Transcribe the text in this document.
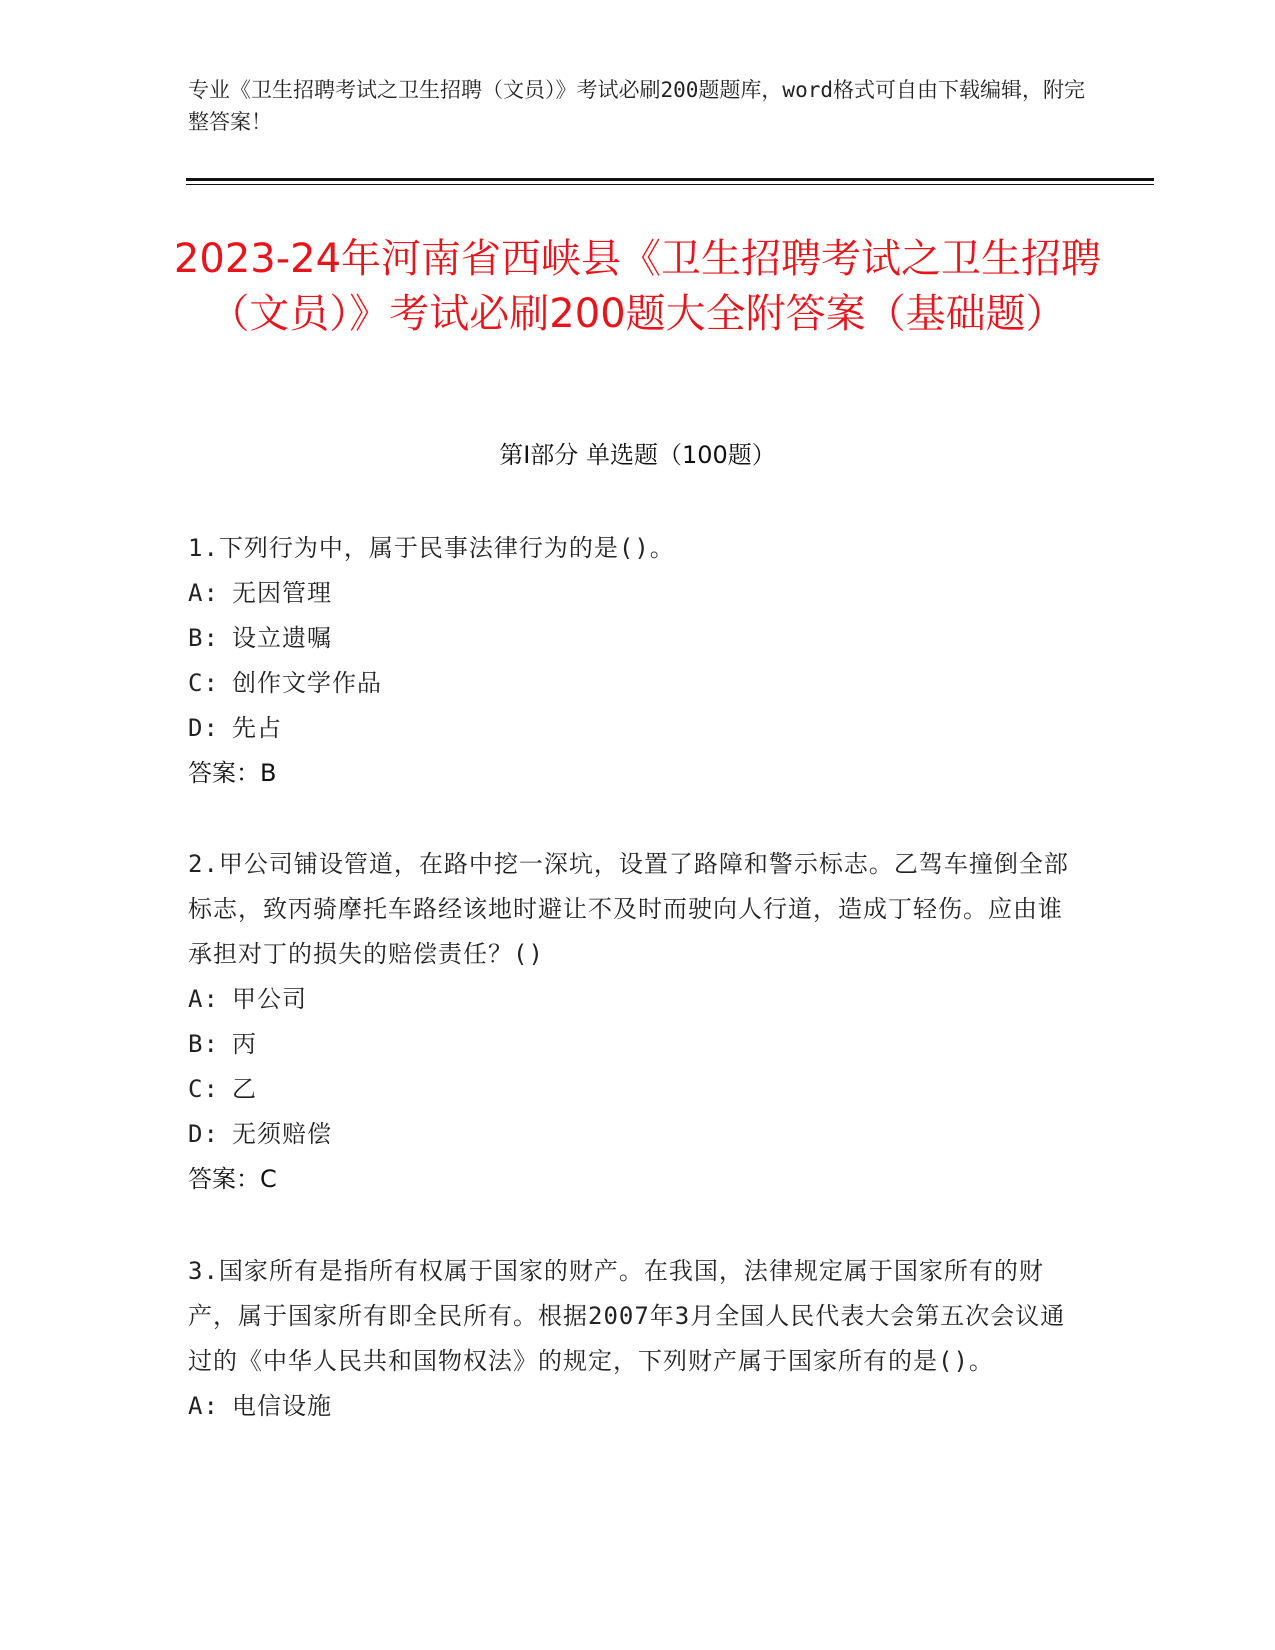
专业《卫生招聘考试之卫生招聘（文员）》考试必刷200题题库，word格式可自由下载编辑，附完整答案！
2023-24年河南省西峡县《卫生招聘考试之卫生招聘（文员）》考试必刷200题大全附答案（基础题）
第Ⅰ部分 单选题（100题）
1.下列行为中，属于民事法律行为的是()。
A: 无因管理
B: 设立遗嘱
C: 创作文学作品
D: 先占
答案：B
2.甲公司铺设管道，在路中挖一深坑，设置了路障和警示标志。乙驾车撞倒全部标志，致丙骑摩托车路经该地时避让不及时而驶向人行道，造成丁轻伤。应由谁承担对丁的损失的赔偿责任？()
A: 甲公司
B: 丙
C: 乙
D: 无须赔偿
答案：C
3.国家所有是指所有权属于国家的财产。在我国，法律规定属于国家所有的财产，属于国家所有即全民所有。根据2007年3月全国人民代表大会第五次会议通过的《中华人民共和国物权法》的规定，下列财产属于国家所有的是()。
A: 电信设施
